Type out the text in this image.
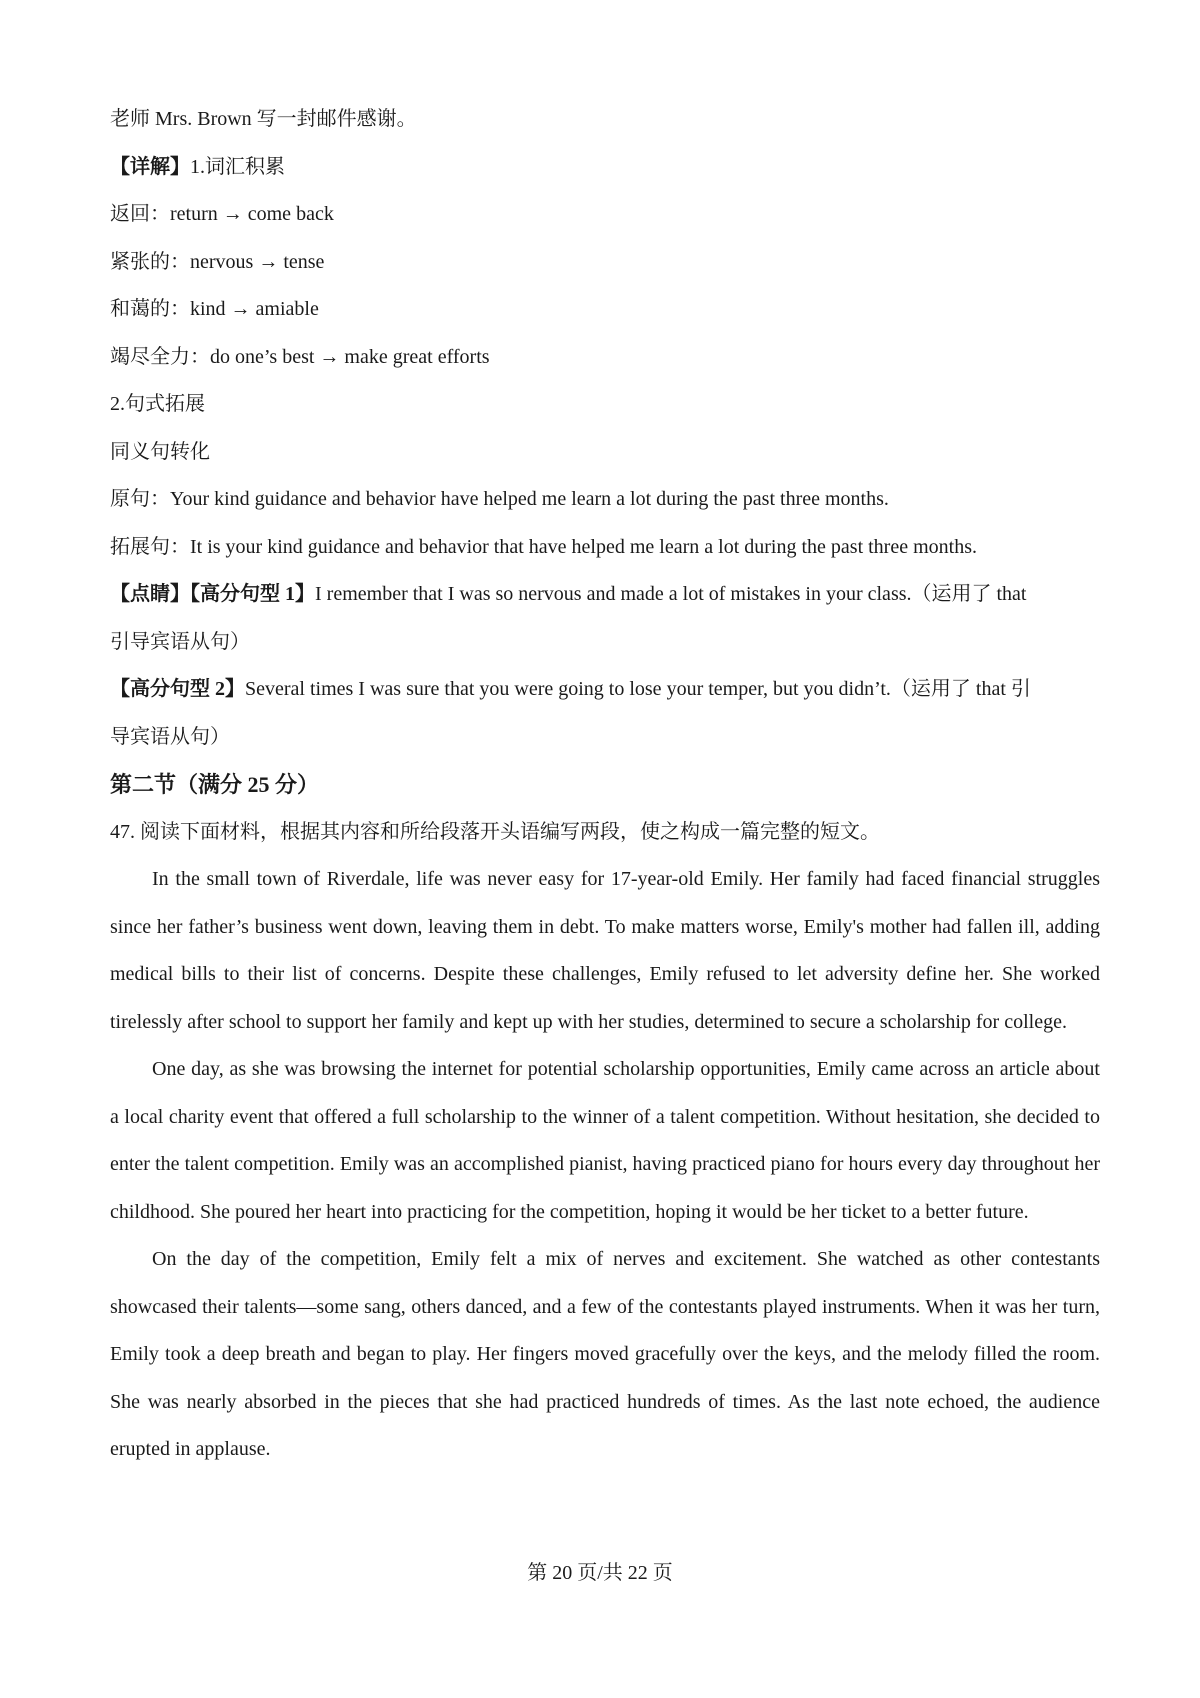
老师 Mrs. Brown 写一封邮件感谢。

【详解】1.词汇积累

返回：return → come back

紧张的：nervous → tense

和蔼的：kind → amiable

竭尽全力：do one’s best → make great efforts

2.句式拓展

同义句转化

原句：Your kind guidance and behavior have helped me learn a lot during the past three months.

拓展句：It is your kind guidance and behavior that have helped me learn a lot during the past three months.

【点睛】【高分句型 1】I remember that I was so nervous and made a lot of mistakes in your class.（运用了 that

引导宾语从句）

【高分句型 2】Several times I was sure that you were going to lose your temper, but you didn’t.（运用了 that 引

导宾语从句）

第二节（满分 25 分）

47. 阅读下面材料，根据其内容和所给段落开头语编写两段，使之构成一篇完整的短文。

In the small town of Riverdale, life was never easy for 17-year-old Emily. Her family had faced financial struggles since her father’s business went down, leaving them in debt. To make matters worse, Emily's mother had fallen ill, adding medical bills to their list of concerns. Despite these challenges, Emily refused to let adversity define her. She worked tirelessly after school to support her family and kept up with her studies, determined to secure a scholarship for college.

One day, as she was browsing the internet for potential scholarship opportunities, Emily came across an article about a local charity event that offered a full scholarship to the winner of a talent competition. Without hesitation, she decided to enter the talent competition. Emily was an accomplished pianist, having practiced piano for hours every day throughout her childhood. She poured her heart into practicing for the competition, hoping it would be her ticket to a better future.

On the day of the competition, Emily felt a mix of nerves and excitement. She watched as other contestants showcased their talents—some sang, others danced, and a few of the contestants played instruments. When it was her turn, Emily took a deep breath and began to play. Her fingers moved gracefully over the keys, and the melody filled the room. She was nearly absorbed in the pieces that she had practiced hundreds of times. As the last note echoed, the audience erupted in applause.

第 20 页/共 22 页
